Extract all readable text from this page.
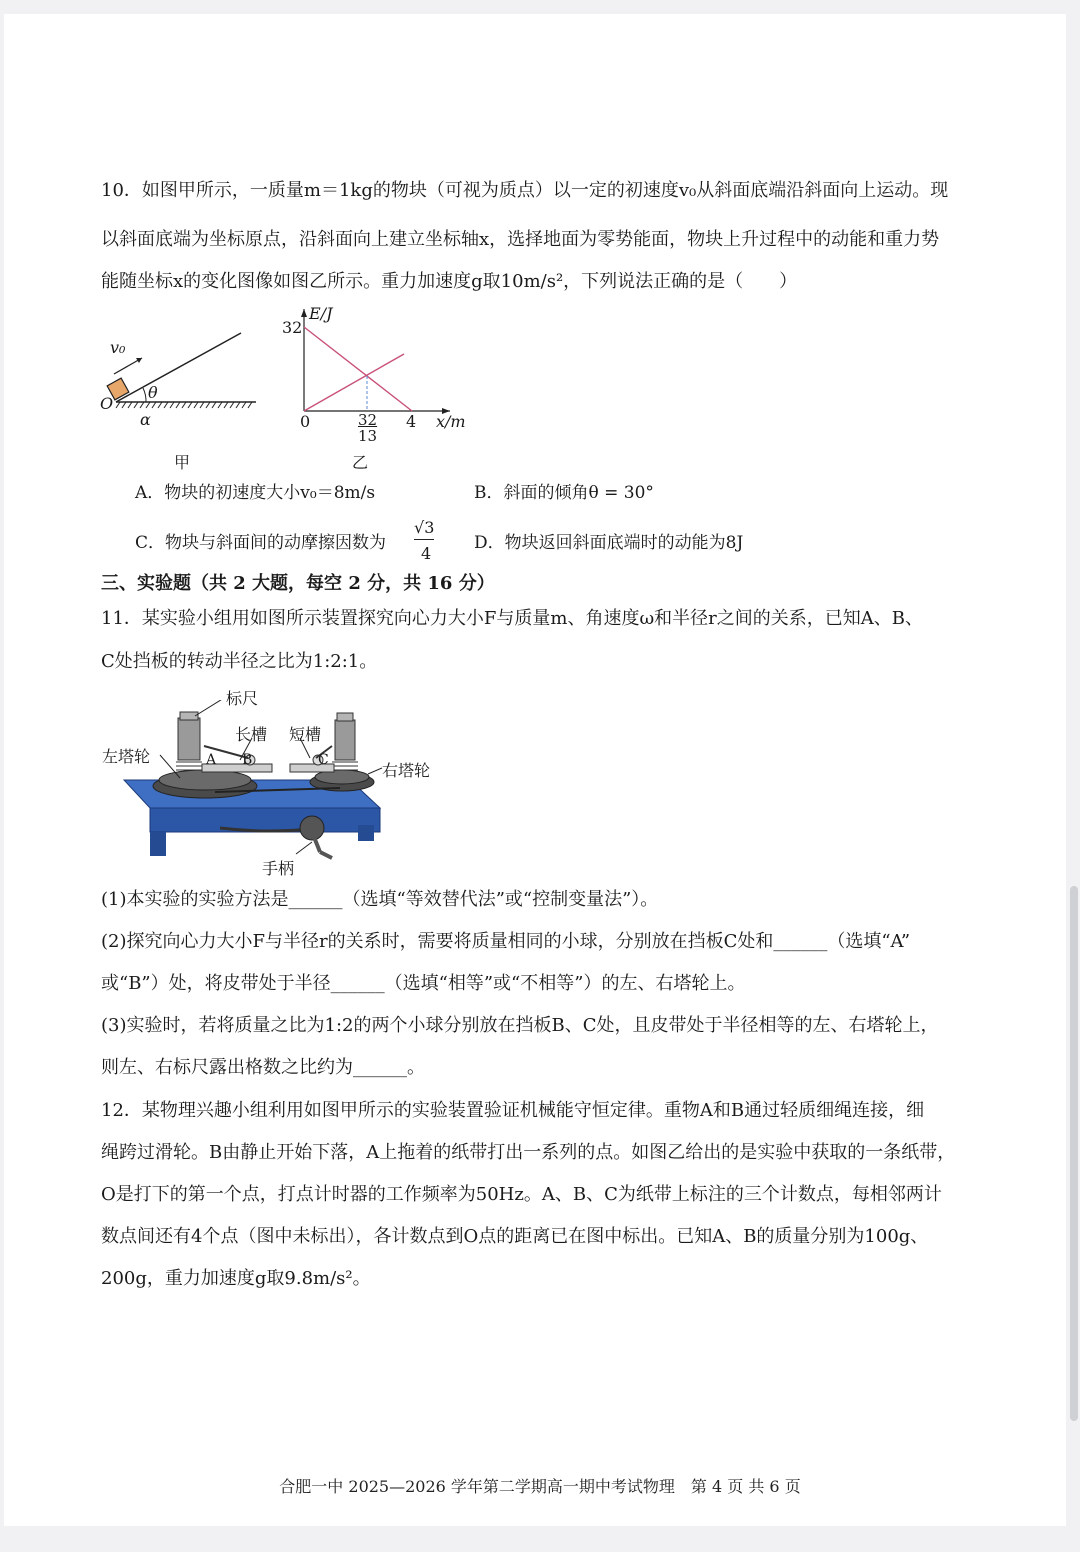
10．如图甲所示，一质量m＝1kg的物块（可视为质点）以一定的初速度v₀从斜面底端沿斜面向上运动。现
以斜面底端为坐标原点，沿斜面向上建立坐标轴x，选择地面为零势能面，物块上升过程中的动能和重力势
能随坐标x的变化图像如图乙所示。重力加速度g取10m/s²，下列说法正确的是（　　）
v₀
θ
O
α
甲
E/J
32
0	32
13
4 x/m
乙
A．物块的初速度大小v₀＝8m/s	B．斜面的倾角θ = 30°
C．物块与斜面间的动摩擦因数为
√3
4
D．物块返回斜面底端时的动能为8J
三、实验题（共 2 大题，每空 2 分，共 16 分）
11．某实验小组用如图所示装置探究向心力大小F与质量m、角速度ω和半径r之间的关系，已知A、B、
C处挡板的转动半径之比为1:2:1。
标尺
长槽 短槽
左塔轮
右塔轮
手柄
A B	C
(1)本实验的实验方法是______（选填“等效替代法”或“控制变量法”）。
(2)探究向心力大小F与半径r的关系时，需要将质量相同的小球，分别放在挡板C处和______（选填“A”
或“B”）处，将皮带处于半径______（选填“相等”或“不相等”）的左、右塔轮上。
(3)实验时，若将质量之比为1:2的两个小球分别放在挡板B、C处，且皮带处于半径相等的左、右塔轮上，
则左、右标尺露出格数之比约为______。
12．某物理兴趣小组利用如图甲所示的实验装置验证机械能守恒定律。重物A和B通过轻质细绳连接，细
绳跨过滑轮。B由静止开始下落，A上拖着的纸带打出一系列的点。如图乙给出的是实验中获取的一条纸带，
O是打下的第一个点，打点计时器的工作频率为50Hz。A、B、C为纸带上标注的三个计数点，每相邻两计
数点间还有4个点（图中未标出），各计数点到O点的距离已在图中标出。已知A、B的质量分别为100g、
200g，重力加速度g取9.8m/s²。
合肥一中 2025—2026 学年第二学期高一期中考试物理　第 4 页 共 6 页
